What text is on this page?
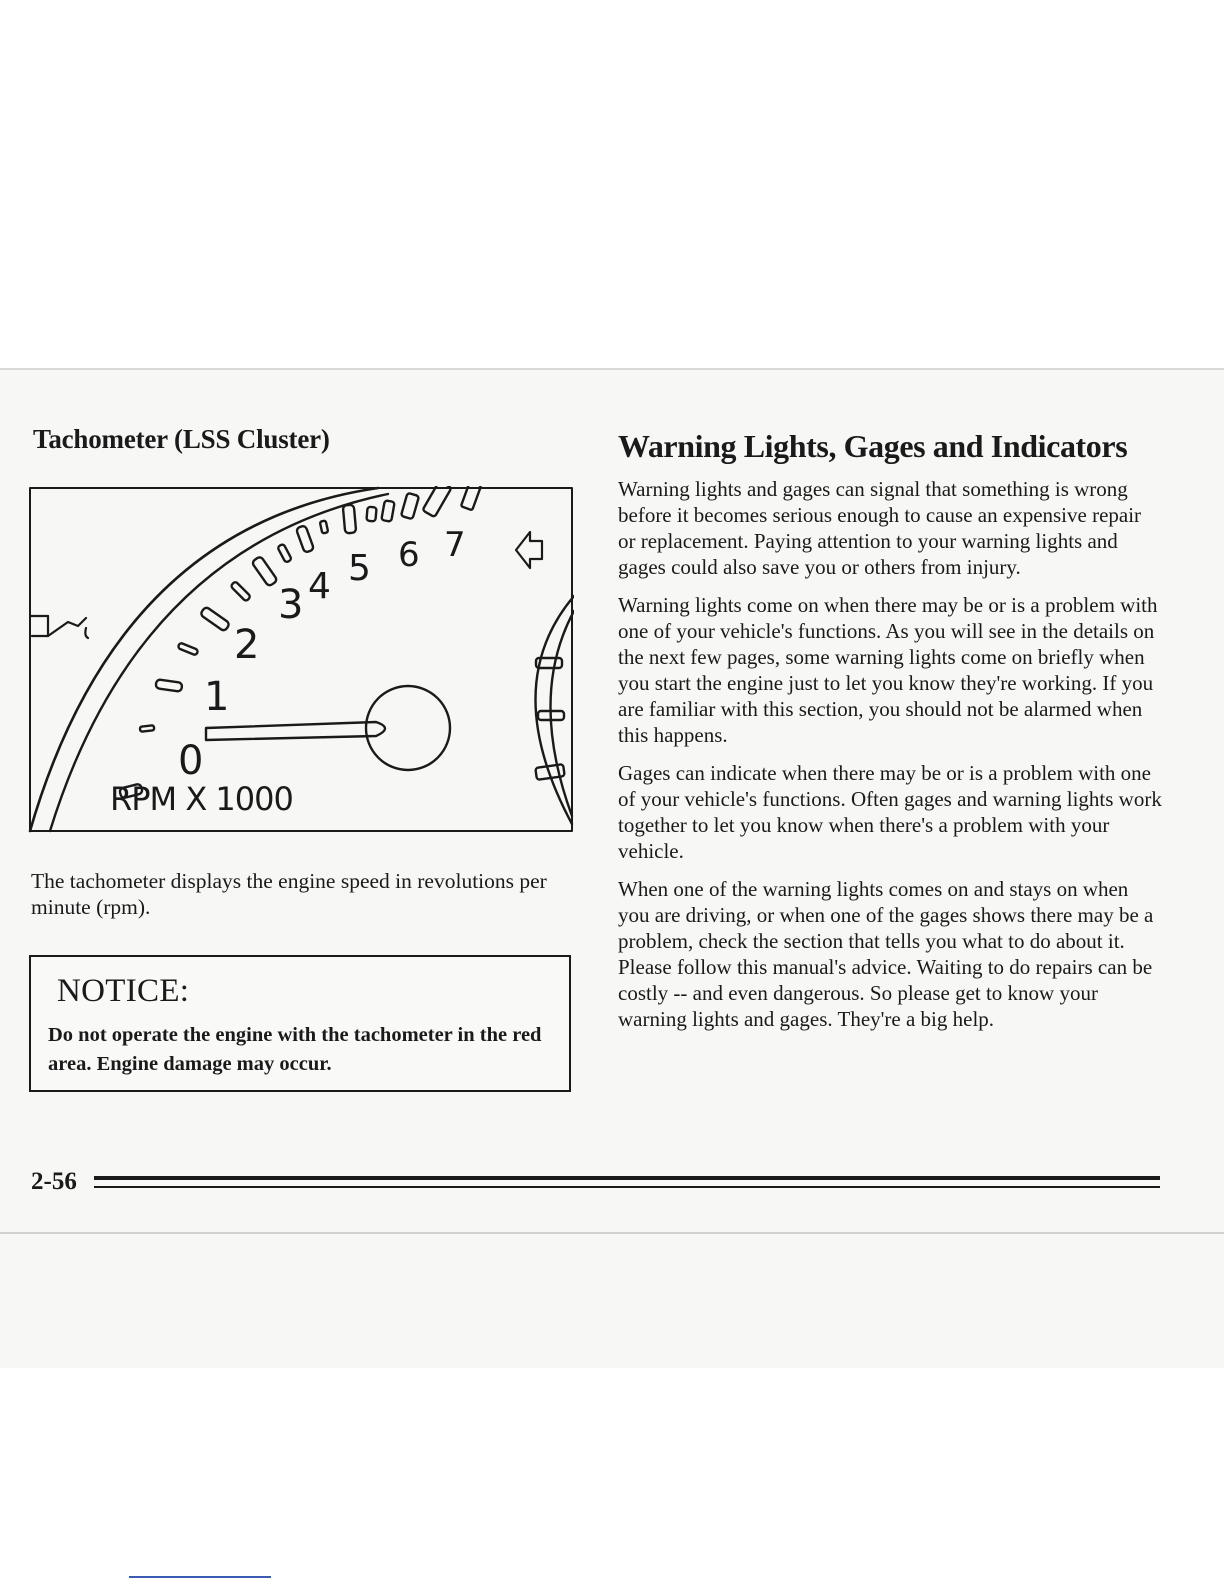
Tachometer (LSS Cluster)
0
1
2
3 4 5 6 7
RPM X 1000

The tachometer displays the engine speed in revolutions per minute (rpm).

NOTICE:

Do not operate the engine with the tachometer in the red area. Engine damage may occur.

Warning Lights, Gages and Indicators

Warning lights and gages can signal that something is wrong before it becomes serious enough to cause an expensive repair or replacement. Paying attention to your warning lights and gages could also save you or others from injury.

Warning lights come on when there may be or is a problem with one of your vehicle's functions. As you will see in the details on the next few pages, some warning lights come on briefly when you start the engine just to let you know they're working. If you are familiar with this section, you should not be alarmed when this happens.

Gages can indicate when there may be or is a problem with one of your vehicle's functions. Often gages and warning lights work together to let you know when there's a problem with your vehicle.

When one of the warning lights comes on and stays on when you are driving, or when one of the gages shows there may be a problem, check the section that tells you what to do about it. Please follow this manual's advice. Waiting to do repairs can be costly -- and even dangerous. So please get to know your warning lights and gages. They're a big help.

2-56
